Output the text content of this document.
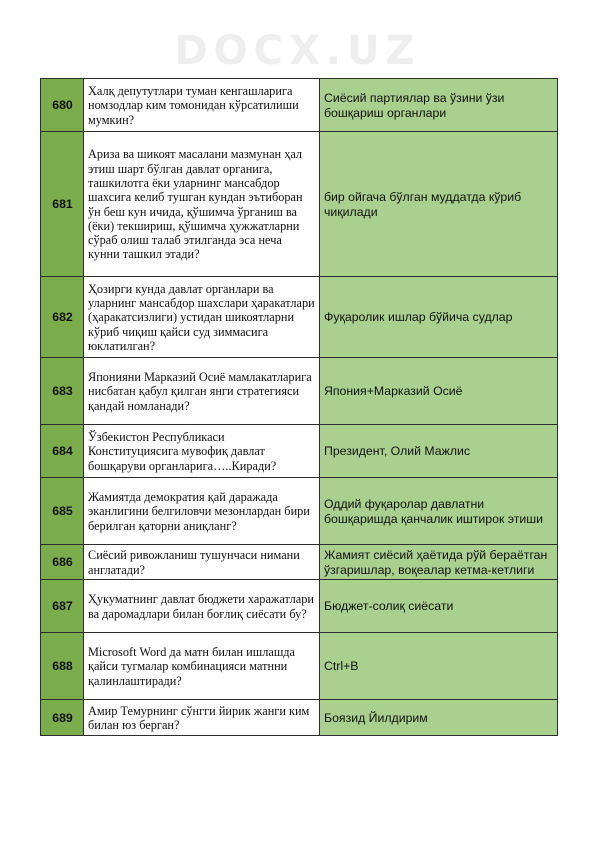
DOCX.UZ
680	Халқ депутутлари туман кенгашларига номзодлар ким томонидан кўрсатилиши мумкин?	Сиёсий партиялар ва ўзини ўзи бошқариш органлари
681	Ариза ва шикоят масалани мазмунан ҳал этиш шарт бўлган давлат органига, ташкилотга ёки уларнинг мансабдор шахсига келиб тушган кундан эътиборан ўн беш кун ичида, қўшимча ўрганиш ва (ёки) текшириш, қўшимча ҳужжатларни сўраб олиш талаб этилганда эса неча кунни ташкил этади?	бир ойгача бўлган муддатда кўриб чиқилади
682	Ҳозирги кунда давлат органлари ва уларнинг мансабдор шахслари ҳаракатлари (ҳаракатсизлиги) устидан шикоятларни кўриб чиқиш қайси суд зиммасига юклатилган?	Фуқаролик ишлар бўйича судлар
683	Японияни Марказий Осиё мамлакатларига нисбатан қабул қилган янги стратегияси қандай номланади?	Япония+Марказий Осиё
684	Ўзбекистон Республикаси Конституциясига мувофиқ давлат бошқаруви органларига…..Киради?	Президент, Олий Мажлис
685	Жамиятда демократия қай даражада эканлигини белгиловчи мезонлардан бири берилган қаторни аниқланг?	Оддий фуқаролар давлатни бошқаришда қанчалик иштирок этиши
686	Сиёсий ривожланиш тушунчаси нимани англатади?	Жамият сиёсий ҳаётида рўй бераётган ўзгаришлар, воқеалар кетма-кетлиги
687	Ҳукуматнинг давлат бюджети харажатлари ва даромадлари билан боғлиқ сиёсати бу?	Бюджет-солиқ сиёсати
688	Microsoft Word да матн билан ишлашда қайси тугмалар комбинацияси матнни қалинлаштиради?	Ctrl+B
689	Амир Темурнинг сўнгги йирик жанги ким билан юз берган?	Боязид Йилдирим
